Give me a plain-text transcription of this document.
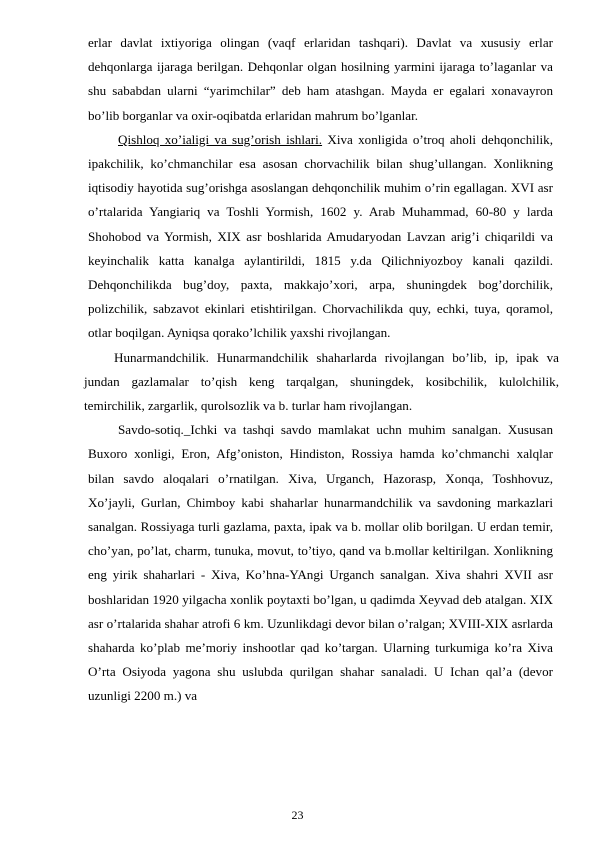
erlar davlat ixtiyoriga olingan (vaqf erlaridan tashqari). Davlat va xususiy erlar dehqonlarga ijaraga berilgan. Dehqonlar olgan hosilning yarmini ijaraga to’laganlar va shu sababdan ularni “yarimchilar” deb ham atashgan. Mayda er egalari xonavayron bo’lib borganlar va oxir-oqibatda erlaridan mahrum bo’lganlar.

Qishloq xo’ialigi va sug’orish ishlari. Xiva xonligida o’troq aholi dehqonchilik, ipakchilik, ko’chmanchilar esa asosan chorvachilik bilan shug’ullangan. Xonlikning iqtisodiy hayotida sug’orishga asoslangan dehqonchilik muhim o’rin egallagan. XVI asr o’rtalarida Yangiariq va Toshli Yormish, 1602 y. Arab Muhammad, 60-80 y larda Shohobod va Yormish, XIX asr boshlarida Amudaryodan Lavzan arig’i chiqarildi va keyinchalik katta kanalga aylantirildi, 1815 y.da Qilichniyozboy kanali qazildi. Dehqonchilikda bug’doy, paxta, makkajo’xori, arpa, shuningdek bog’dorchilik, polizchilik, sabzavot ekinlari etishtirilgan. Chorvachilikda quy, echki, tuya, qoramol, otlar boqilgan. Ayniqsa qorako’lchilik yaxshi rivojlangan.

Hunarmandchilik. Hunarmandchilik shaharlarda rivojlangan bo’lib, ip, ipak va jundan gazlamalar to’qish keng tarqalgan, shuningdek, kosibchilik, kulolchilik, temirchilik, zargarlik, qurolsozlik va b. turlar ham rivojlangan.

Savdo-sotiq._Ichki va tashqi savdo mamlakat uchn muhim sanalgan. Xususan Buxoro xonligi, Eron, Afg’oniston, Hindiston, Rossiya hamda ko’chmanchi xalqlar bilan savdo aloqalari o’rnatilgan. Xiva, Urganch, Hazorasp, Xonqa, Toshhovuz, Xo’jayli, Gurlan, Chimboy kabi shaharlar hunarmandchilik va savdoning markazlari sanalgan. Rossiyaga turli gazlama, paxta, ipak va b. mollar olib borilgan. U erdan temir, cho’yan, po’lat, charm, tunuka, movut, to’tiyo, qand va b.mollar keltirilgan. Xonlikning eng yirik shaharlari - Xiva, Ko’hna-YAngi Urganch sanalgan. Xiva shahri XVII asr boshlaridan 1920 yilgacha xonlik poytaxti bo’lgan, u qadimda Xeyvad deb atalgan. XIX asr o’rtalarida shahar atrofi 6 km. Uzunlikdagi devor bilan o’ralgan; XVIII-XIX asrlarda shaharda ko’plab me’moriy inshootlar qad ko’targan. Ularning turkumiga ko’ra Xiva O’rta Osiyoda yagona shu uslubda qurilgan shahar sanaladi. U Ichan qal’a (devor uzunligi 2200 m.) va

23
